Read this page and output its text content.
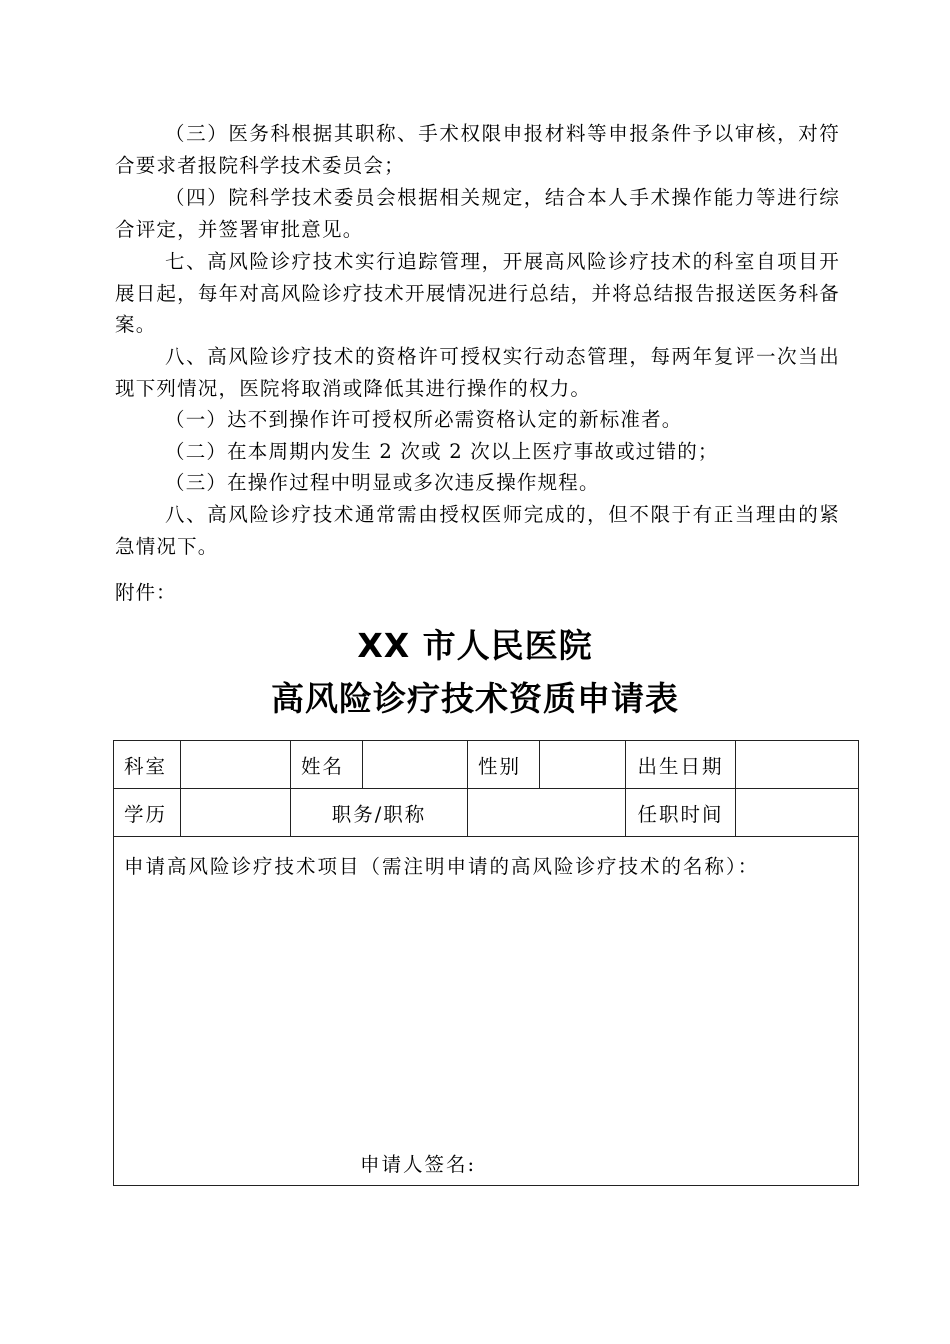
（三）医务科根据其职称、手术权限申报材料等申报条件予以审核，对符合要求者报院科学技术委员会；

（四）院科学技术委员会根据相关规定，结合本人手术操作能力等进行综合评定，并签署审批意见。

七、高风险诊疗技术实行追踪管理，开展高风险诊疗技术的科室自项目开展日起，每年对高风险诊疗技术开展情况进行总结，并将总结报告报送医务科备案。

八、高风险诊疗技术的资格许可授权实行动态管理，每两年复评一次当出现下列情况，医院将取消或降低其进行操作的权力。

（一）达不到操作许可授权所必需资格认定的新标准者。

（二）在本周期内发生 2 次或 2 次以上医疗事故或过错的；

（三）在操作过程中明显或多次违反操作规程。

八、高风险诊疗技术通常需由授权医师完成的，但不限于有正当理由的紧急情况下。

附件：
XX 市人民医院
高风险诊疗技术资质申请表
科室		姓名		性别		出生日期	
学历		职务/职称				任职时间	
申请高风险诊疗技术项目（需注明申请的高风险诊疗技术的名称）：
申请人签名:							
